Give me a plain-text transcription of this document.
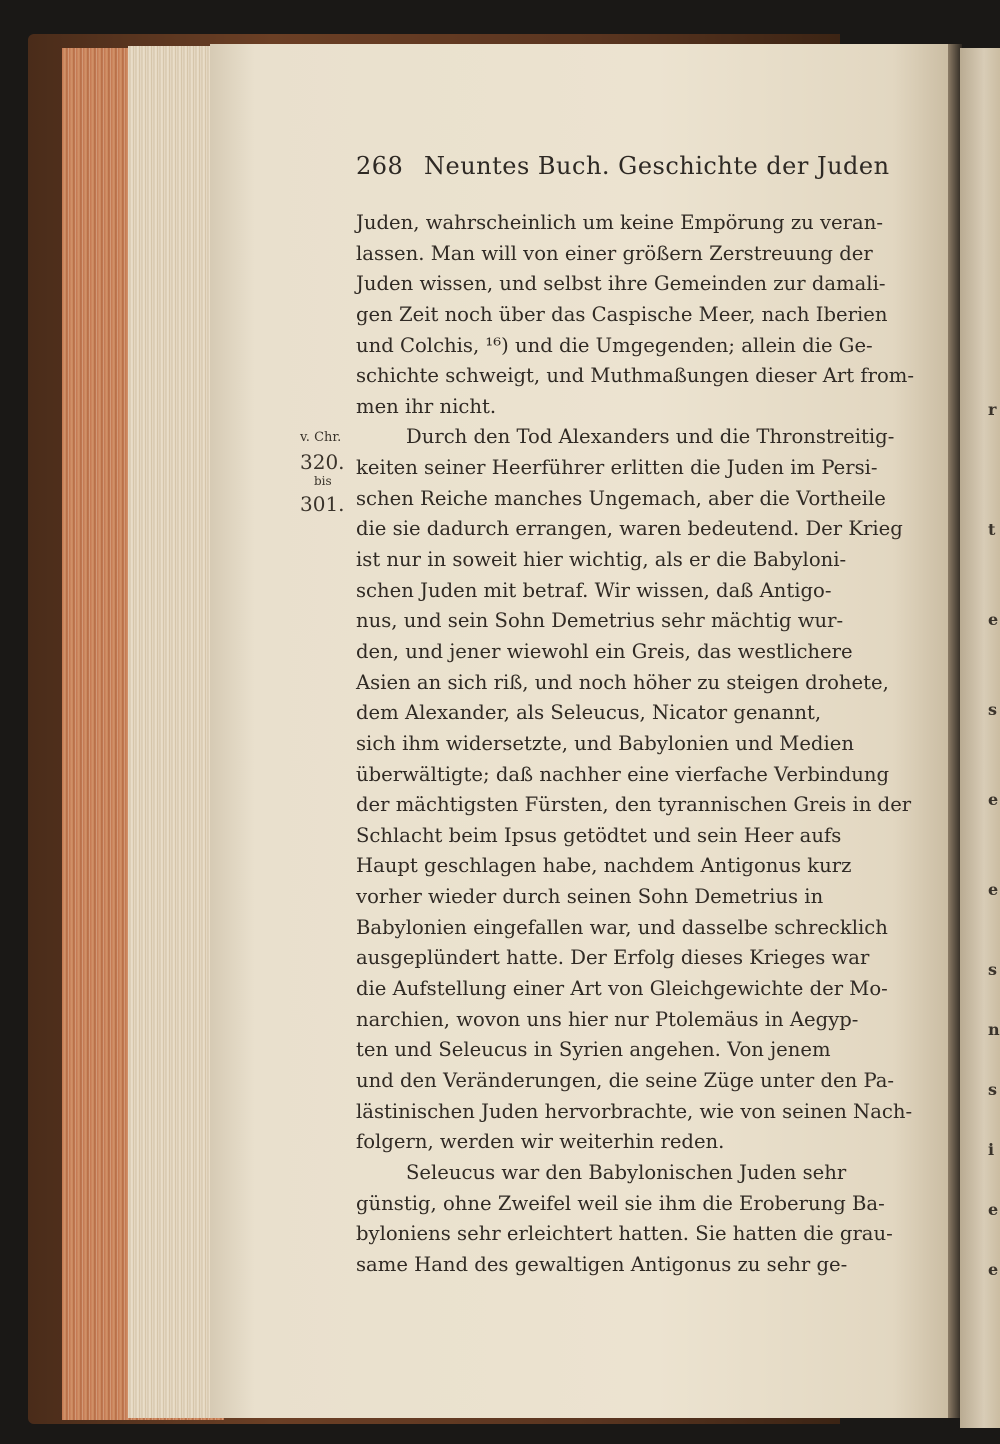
r
t
e
s
e
e
s
n
s
i
e
e
268 Neuntes Buch. Geschichte der Juden
v. Chr.
320.
bis
301.
Juden, wahrscheinlich um keine Empörung zu veran-
lassen. Man will von einer größern Zerstreuung der
Juden wissen, und selbst ihre Gemeinden zur damali-
gen Zeit noch über das Caspische Meer, nach Iberien
und Colchis, ¹⁶) und die Umgegenden; allein die Ge-
schichte schweigt, und Muthmaßungen dieser Art from-
men ihr nicht.
Durch den Tod Alexanders und die Thronstreitig-
keiten seiner Heerführer erlitten die Juden im Persi-
schen Reiche manches Ungemach, aber die Vortheile
die sie dadurch errangen, waren bedeutend. Der Krieg
ist nur in soweit hier wichtig, als er die Babyloni-
schen Juden mit betraf. Wir wissen, daß Antigo-
nus, und sein Sohn Demetrius sehr mächtig wur-
den, und jener wiewohl ein Greis, das westlichere
Asien an sich riß, und noch höher zu steigen drohete,
dem Alexander, als Seleucus, Nicator genannt,
sich ihm widersetzte, und Babylonien und Medien
überwältigte; daß nachher eine vierfache Verbindung
der mächtigsten Fürsten, den tyrannischen Greis in der
Schlacht beim Ipsus getödtet und sein Heer aufs
Haupt geschlagen habe, nachdem Antigonus kurz
vorher wieder durch seinen Sohn Demetrius in
Babylonien eingefallen war, und dasselbe schrecklich
ausgeplündert hatte. Der Erfolg dieses Krieges war
die Aufstellung einer Art von Gleichgewichte der Mo-
narchien, wovon uns hier nur Ptolemäus in Aegyp-
ten und Seleucus in Syrien angehen. Von jenem
und den Veränderungen, die seine Züge unter den Pa-
lästinischen Juden hervorbrachte, wie von seinen Nach-
folgern, werden wir weiterhin reden.
Seleucus war den Babylonischen Juden sehr
günstig, ohne Zweifel weil sie ihm die Eroberung Ba-
byloniens sehr erleichtert hatten. Sie hatten die grau-
same Hand des gewaltigen Antigonus zu sehr ge-
